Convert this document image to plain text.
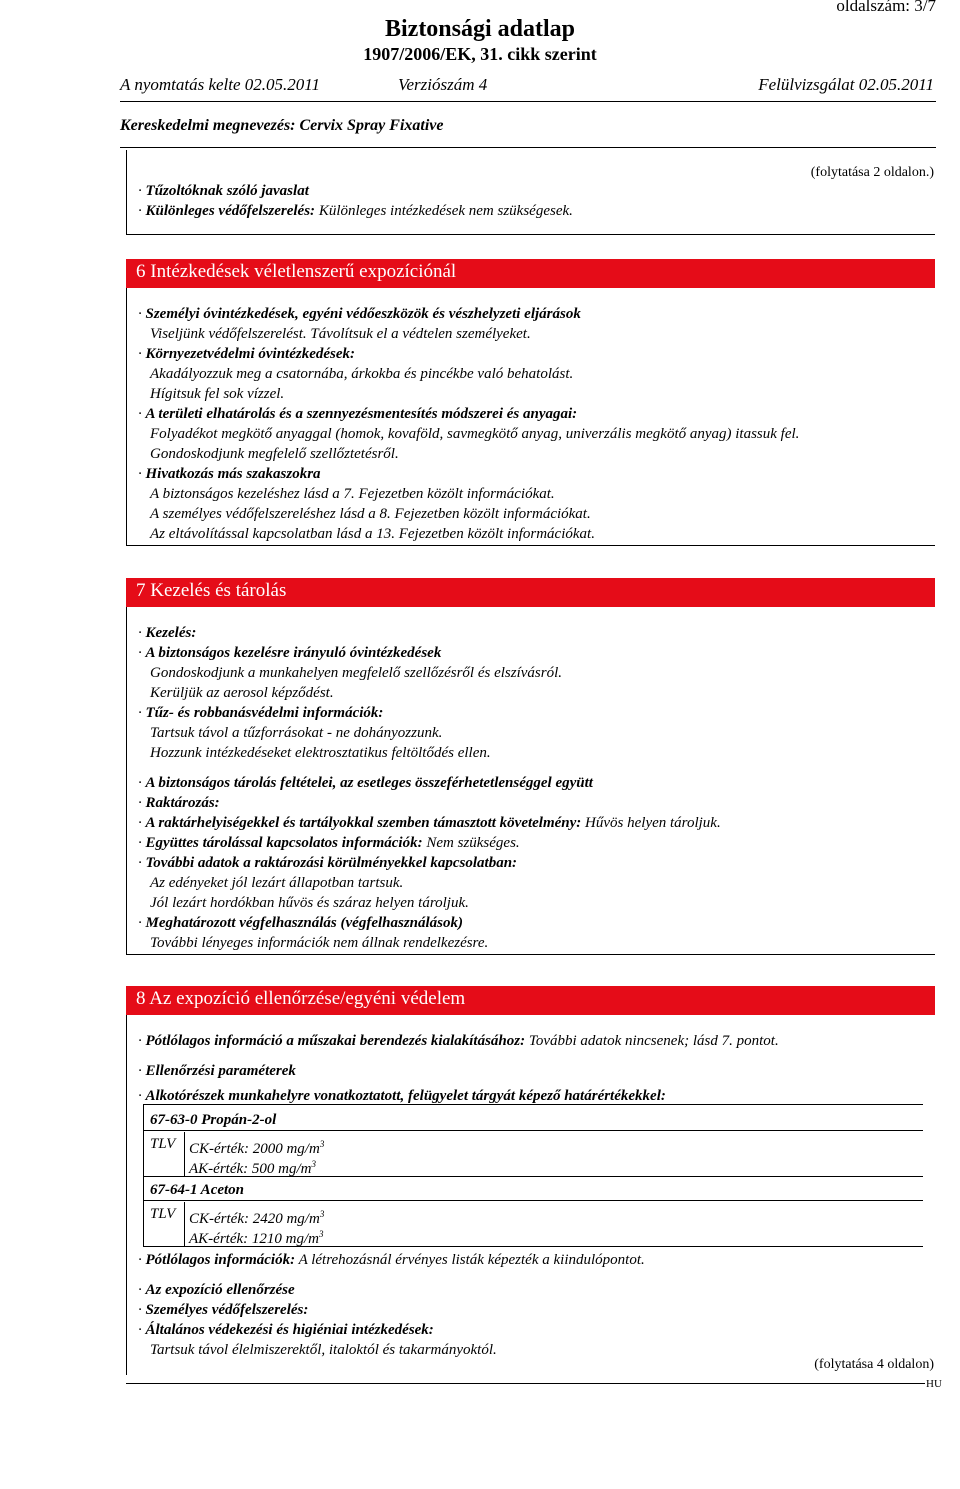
oldalszám: 3/7
Biztonsági adatlap
1907/2006/EK, 31. cikk szerint
A nyomtatás kelte 02.05.2011	Verziószám 4	Felülvizsgálat 02.05.2011
Kereskedelmi megnevezés: Cervix Spray Fixative
(folytatása 2 oldalon.)
· Tűzoltóknak szóló javaslat
· Különleges védőfelszerelés: Különleges intézkedések nem szükségesek.
6 Intézkedések véletlenszerű expozíciónál
· Személyi óvintézkedések, egyéni védőeszközök és vészhelyzeti eljárások
Viseljünk védőfelszerelést. Távolítsuk el a védtelen személyeket.
· Környezetvédelmi óvintézkedések:
Akadályozzuk meg a csatornába, árkokba és pincékbe való behatolást.
Hígitsuk fel sok vízzel.
· A területi elhatárolás és a szennyezésmentesítés módszerei és anyagai:
Folyadékot megkötő anyaggal (homok, kovaföld, savmegkötő anyag, univerzális megkötő anyag) itassuk fel.
Gondoskodjunk megfelelő szellőztetésről.
· Hivatkozás más szakaszokra
A biztonságos kezeléshez lásd a 7. Fejezetben közölt információkat.
A személyes védőfelszereléshez lásd a 8. Fejezetben közölt információkat.
Az eltávolítással kapcsolatban lásd a 13. Fejezetben közölt információkat.
7 Kezelés és tárolás
· Kezelés:
· A biztonságos kezelésre irányuló óvintézkedések
Gondoskodjunk a munkahelyen megfelelő szellőzésről és elszívásról.
Kerüljük az aerosol képződést.
· Tűz- és robbanásvédelmi információk:
Tartsuk távol a tűzforrásokat - ne dohányozzunk.
Hozzunk intézkedéseket elektrosztatikus feltöltődés ellen.
· A biztonságos tárolás feltételei, az esetleges összeférhetetlenséggel együtt
· Raktározás:
· A raktárhelyiségekkel és tartályokkal szemben támasztott követelmény: Hűvös helyen tároljuk.
· Együttes tárolással kapcsolatos információk: Nem szükséges.
· További adatok a raktározási körülményekkel kapcsolatban:
Az edényeket jól lezárt állapotban tartsuk.
Jól lezárt hordókban hűvös és száraz helyen tároljuk.
· Meghatározott végfelhasználás (végfelhasználások)
További lényeges információk nem állnak rendelkezésre.
8 Az expozíció ellenőrzése/egyéni védelem
· Pótlólagos információ a műszakai berendezés kialakításához: További adatok nincsenek; lásd 7. pontot.
· Ellenőrzési paraméterek
· Alkotórészek munkahelyre vonatkoztatott, felügyelet tárgyát képező határértékekkel:
67-63-0 Propán-2-ol
TLV CK-érték: 2000 $mg/m^3$
AK-érték: 500 $mg/m^3$
67-64-1 Aceton
TLV CK-érték: 2420 $mg/m^3$
AK-érték: 1210 $mg/m^3$
· Pótlólagos információk: A létrehozásnál érvényes listák képezték a kiindulópontot.
· Az expozíció ellenőrzése
· Személyes védőfelszerelés:
· Általános védekezési és higiéniai intézkedések:
Tartsuk távol élelmiszerektől, italoktól és takarmányoktól.
(folytatása 4 oldalon)
HU
